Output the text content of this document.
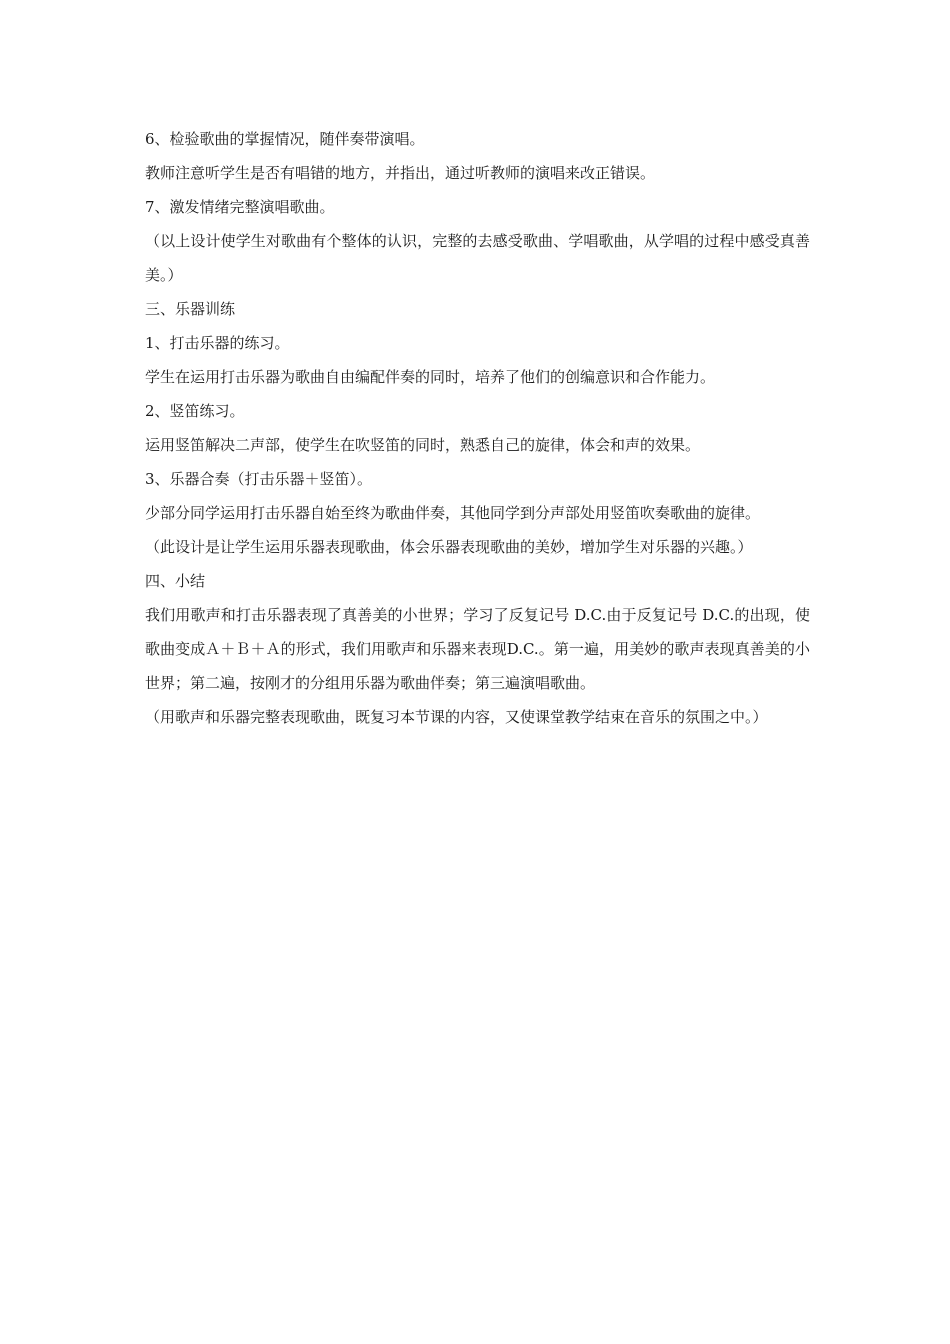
6、检验歌曲的掌握情况，随伴奏带演唱。
教师注意听学生是否有唱错的地方，并指出，通过听教师的演唱来改正错误。
7、激发情绪完整演唱歌曲。
（以上设计使学生对歌曲有个整体的认识，完整的去感受歌曲、学唱歌曲，从学唱的过程中感受真善美。）
三、乐器训练
1、打击乐器的练习。
学生在运用打击乐器为歌曲自由编配伴奏的同时，培养了他们的创编意识和合作能力。
2、竖笛练习。
运用竖笛解决二声部，使学生在吹竖笛的同时，熟悉自己的旋律，体会和声的效果。
3、乐器合奏（打击乐器＋竖笛）。
少部分同学运用打击乐器自始至终为歌曲伴奏，其他同学到分声部处用竖笛吹奏歌曲的旋律。
（此设计是让学生运用乐器表现歌曲，体会乐器表现歌曲的美妙，增加学生对乐器的兴趣。）
四、小结
我们用歌声和打击乐器表现了真善美的小世界；学习了反复记号 D.C.由于反复记号 D.C.的出现，使歌曲变成Ａ＋Ｂ＋Ａ的形式，我们用歌声和乐器来表现D.C.。第一遍，用美妙的歌声表现真善美的小世界；第二遍，按刚才的分组用乐器为歌曲伴奏；第三遍演唱歌曲。
（用歌声和乐器完整表现歌曲，既复习本节课的内容，又使课堂教学结束在音乐的氛围之中。）
